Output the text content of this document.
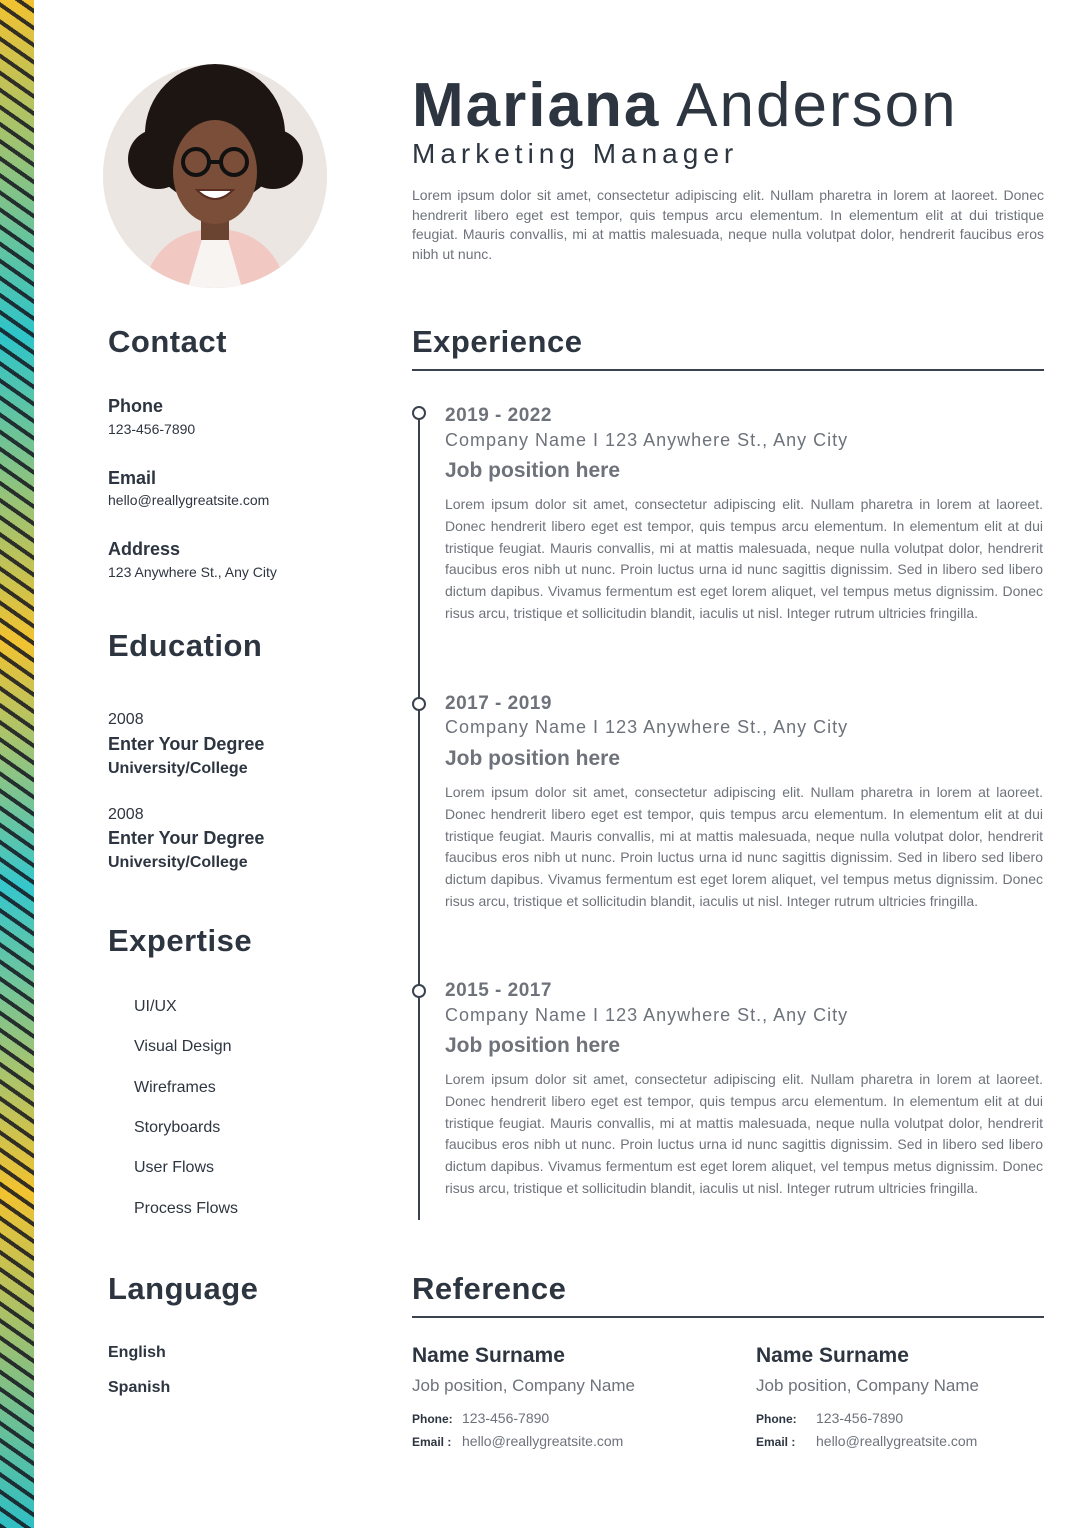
Mariana Anderson
Marketing Manager

Lorem ipsum dolor sit amet, consectetur adipiscing elit. Nullam pharetra in lorem at laoreet. Donec hendrerit libero eget est tempor, quis tempus arcu elementum. In elementum elit at dui tristique feugiat. Mauris convallis, mi at mattis malesuada, neque nulla volutpat dolor, hendrerit faucibus eros nibh ut nunc.

Contact
Phone
123-456-7890
Email
hello@reallygreatsite.com
Address
123 Anywhere St., Any City
Education
2008
Enter Your Degree
University/College
2008
Enter Your Degree
University/College
Expertise
UI/UX
Visual Design
Wireframes
Storyboards
User Flows
Process Flows
Language
English
Spanish
Experience
2019 - 2022
Company Name I 123 Anywhere St., Any City
Job position here

Lorem ipsum dolor sit amet, consectetur adipiscing elit. Nullam pharetra in lorem at laoreet. Donec hendrerit libero eget est tempor, quis tempus arcu elementum. In elementum elit at dui tristique feugiat. Mauris convallis, mi at mattis malesuada, neque nulla volutpat dolor, hendrerit faucibus eros nibh ut nunc. Proin luctus urna id nunc sagittis dignissim. Sed in libero sed libero dictum dapibus. Vivamus fermentum est eget lorem aliquet, vel tempus metus dignissim. Donec risus arcu, tristique et sollicitudin blandit, iaculis ut nisl. Integer rutrum ultricies fringilla.

2017 - 2019
Company Name I 123 Anywhere St., Any City
Job position here

Lorem ipsum dolor sit amet, consectetur adipiscing elit. Nullam pharetra in lorem at laoreet. Donec hendrerit libero eget est tempor, quis tempus arcu elementum. In elementum elit at dui tristique feugiat. Mauris convallis, mi at mattis malesuada, neque nulla volutpat dolor, hendrerit faucibus eros nibh ut nunc. Proin luctus urna id nunc sagittis dignissim. Sed in libero sed libero dictum dapibus. Vivamus fermentum est eget lorem aliquet, vel tempus metus dignissim. Donec risus arcu, tristique et sollicitudin blandit, iaculis ut nisl. Integer rutrum ultricies fringilla.

2015 - 2017
Company Name I 123 Anywhere St., Any City
Job position here

Lorem ipsum dolor sit amet, consectetur adipiscing elit. Nullam pharetra in lorem at laoreet. Donec hendrerit libero eget est tempor, quis tempus arcu elementum. In elementum elit at dui tristique feugiat. Mauris convallis, mi at mattis malesuada, neque nulla volutpat dolor, hendrerit faucibus eros nibh ut nunc. Proin luctus urna id nunc sagittis dignissim. Sed in libero sed libero dictum dapibus. Vivamus fermentum est eget lorem aliquet, vel tempus metus dignissim. Donec risus arcu, tristique et sollicitudin blandit, iaculis ut nisl. Integer rutrum ultricies fringilla.

Reference
Name Surname
Job position, Company Name
Phone: 123-456-7890
Email : hello@reallygreatsite.com
Name Surname
Job position, Company Name
Phone: 123-456-7890
Email : hello@reallygreatsite.com
